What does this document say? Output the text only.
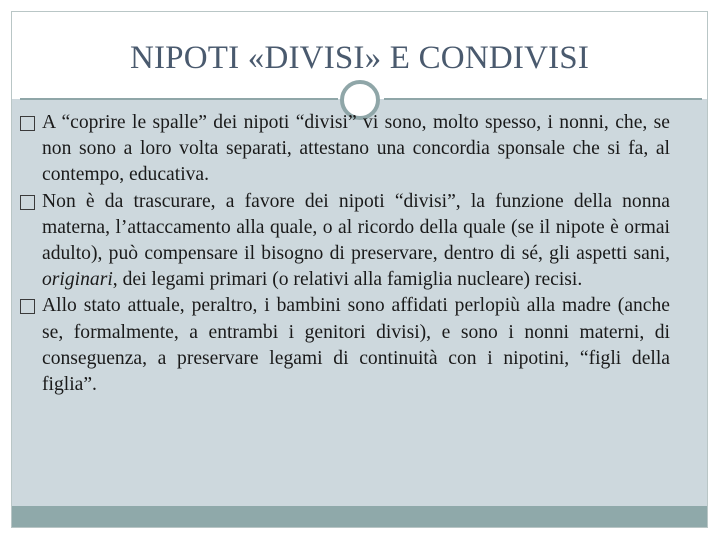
NIPOTI «DIVISI» E CONDIVISI
A “coprire le spalle” dei nipoti “divisi” vi sono, molto spesso, i nonni, che, se non sono a loro volta separati, attestano una concordia sponsale che si fa, al contempo, educativa.
Non è da trascurare, a favore dei nipoti “divisi”, la funzione della nonna materna, l’attaccamento alla quale, o al ricordo della quale (se il nipote è ormai adulto), può compensare il bisogno di preservare, dentro di sé, gli aspetti sani, originari, dei legami primari (o relativi alla famiglia nucleare) recisi.
Allo stato attuale, peraltro, i bambini sono affidati perlopiù alla madre (anche se, formalmente, a entrambi i genitori divisi), e sono i nonni materni, di conseguenza, a preservare legami di continuità con i nipotini, “figli della figlia”.
